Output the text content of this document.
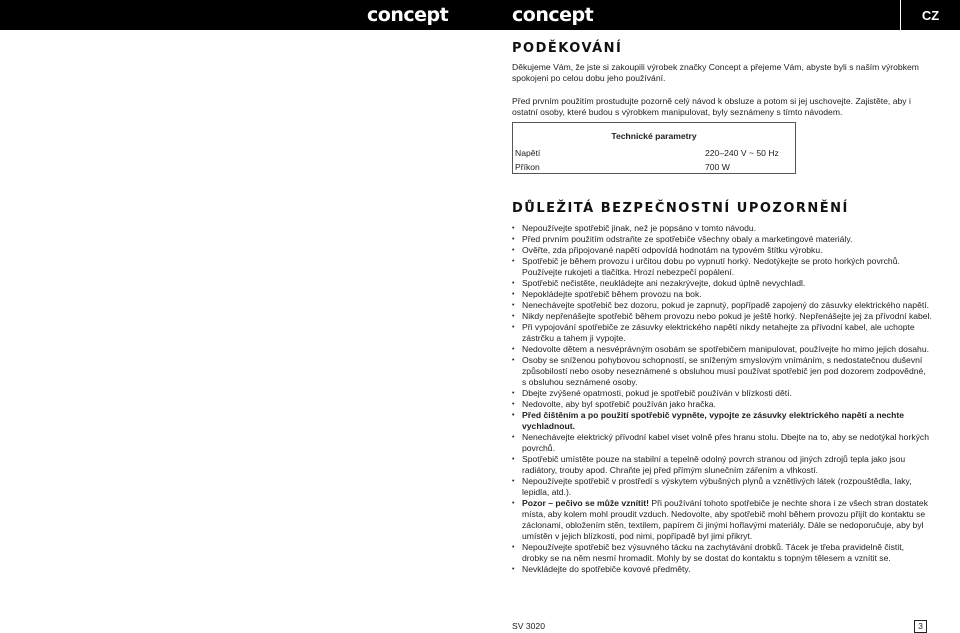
concept	concept	CZ
PODĚKOVÁNÍ

Děkujeme Vám, že jste si zakoupili výrobek značky Concept a přejeme Vám, abyste byli s naším výrobkem spokojeni po celou dobu jeho používání.

Před prvním použitím prostudujte pozorně celý návod k obsluze a potom si jej uschovejte. Zajistěte, aby i ostatní osoby, které budou s výrobkem manipulovat, byly seznámeny s tímto návodem.

Technické parametry
Napětí	220–240 V ~ 50 Hz
Příkon	700 W
DŮLEŽITÁ BEZPEČNOSTNÍ UPOZORNĚNÍ
• Nepoužívejte spotřebič jinak, než je popsáno v tomto návodu.
• Před prvním použitím odstraňte ze spotřebiče všechny obaly a marketingové materiály.
• Ověřte, zda připojované napětí odpovídá hodnotám na typovém štítku výrobku.
• Spotřebič je během provozu i určitou dobu po vypnutí horký. Nedotýkejte se proto horkých povrchů. Používejte rukojeti a tlačítka. Hrozí nebezpečí popálení.
• Spotřebič nečistěte, neukládejte ani nezakrývejte, dokud úplně nevychladl.
• Nepokládejte spotřebič během provozu na bok.
• Nenechávejte spotřebič bez dozoru, pokud je zapnutý, popřípadě zapojený do zásuvky elektrického napětí.
• Nikdy nepřenášejte spotřebič během provozu nebo pokud je ještě horký. Nepřenášejte jej za přívodní kabel.
• Při vypojování spotřebiče ze zásuvky elektrického napětí nikdy netahejte za přívodní kabel, ale uchopte zástrčku a tahem ji vypojte.
• Nedovolte dětem a nesvéprávným osobám se spotřebičem manipulovat, používejte ho mimo jejich dosahu.
• Osoby se sníženou pohybovou schopností, se sníženým smyslovým vnímáním, s nedostatečnou duševní způsobilostí nebo osoby neseznámené s obsluhou musí používat spotřebič jen pod dozorem zodpovědné, s obsluhou seznámené osoby.
• Dbejte zvýšené opatrnosti, pokud je spotřebič používán v blízkosti dětí.
• Nedovolte, aby byl spotřebič používán jako hračka.
• Před čištěním a po použití spotřebič vypněte, vypojte ze zásuvky elektrického napětí a nechte vychladnout.
• Nenechávejte elektrický přívodní kabel viset volně přes hranu stolu. Dbejte na to, aby se nedotýkal horkých povrchů.
• Spotřebič umístěte pouze na stabilní a tepelně odolný povrch stranou od jiných zdrojů tepla jako jsou radiátory, trouby apod. Chraňte jej před přímým slunečním zářením a vlhkostí.
• Nepoužívejte spotřebič v prostředí s výskytem výbušných plynů a vznětlivých látek (rozpouštědla, laky, lepidla, atd.).
• Pozor – pečivo se může vznítit! Při používání tohoto spotřebiče je nechte shora i ze všech stran dostatek místa, aby kolem mohl proudit vzduch. Nedovolte, aby spotřebič mohl během provozu přijít do kontaktu se záclonami, obložením stěn, textilem, papírem či jinými hořlavými materiály. Dále se nedoporučuje, aby byl umístěn v jejich blízkosti, pod nimi, popřípadě byl jimi přikryt.
• Nepoužívejte spotřebič bez výsuvného tácku na zachytávání drobků. Tácek je třeba pravidelně čistit, drobky se na něm nesmí hromadit. Mohly by se dostat do kontaktu s topným tělesem a vznítit se.
• Nevkládejte do spotřebiče kovové předměty.
SV 3020	3
